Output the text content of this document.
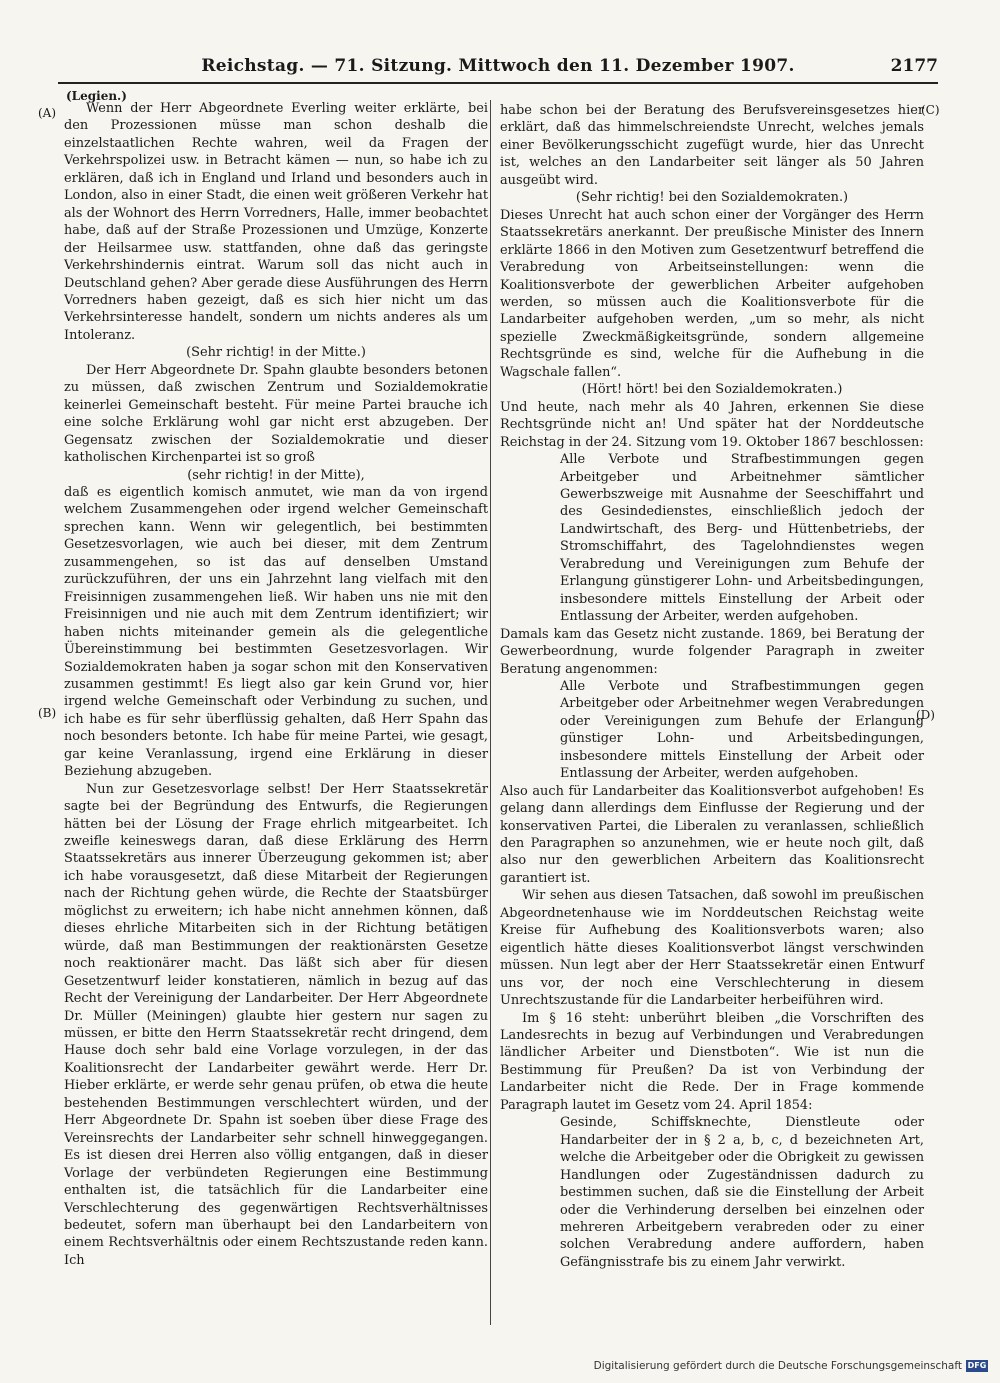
Reichstag. — 71. Sitzung. Mittwoch den 11. Dezember 1907.	2177
(Legien.)
(A)
(B)
(C)
(D)

Wenn der Herr Abgeordnete Everling weiter erklärte, bei den Prozessionen müsse man schon deshalb die einzelstaatlichen Rechte wahren, weil da Fragen der Verkehrspolizei usw. in Betracht kämen — nun, so habe ich zu erklären, daß ich in England und Irland und besonders auch in London, also in einer Stadt, die einen weit größeren Verkehr hat als der Wohnort des Herrn Vorredners, Halle, immer beobachtet habe, daß auf der Straße Prozessionen und Umzüge, Konzerte der Heilsarmee usw. stattfanden, ohne daß das geringste Verkehrshindernis eintrat. Warum soll das nicht auch in Deutschland gehen? Aber gerade diese Ausführungen des Herrn Vorredners haben gezeigt, daß es sich hier nicht um das Verkehrsinteresse handelt, sondern um nichts anderes als um Intoleranz.

(Sehr richtig! in der Mitte.)

Der Herr Abgeordnete Dr. Spahn glaubte besonders betonen zu müssen, daß zwischen Zentrum und Sozialdemokratie keinerlei Gemeinschaft besteht. Für meine Partei brauche ich eine solche Erklärung wohl gar nicht erst abzugeben. Der Gegensatz zwischen der Sozialdemokratie und dieser katholischen Kirchenpartei ist so groß

(sehr richtig! in der Mitte),

daß es eigentlich komisch anmutet, wie man da von irgend welchem Zusammengehen oder irgend welcher Gemeinschaft sprechen kann. Wenn wir gelegentlich, bei bestimmten Gesetzesvorlagen, wie auch bei dieser, mit dem Zentrum zusammengehen, so ist das auf denselben Umstand zurückzuführen, der uns ein Jahrzehnt lang vielfach mit den Freisinnigen zusammengehen ließ. Wir haben uns nie mit den Freisinnigen und nie auch mit dem Zentrum identifiziert; wir haben nichts miteinander gemein als die gelegentliche Übereinstimmung bei bestimmten Gesetzesvorlagen. Wir Sozialdemokraten haben ja sogar schon mit den Konservativen zusammen gestimmt! Es liegt also gar kein Grund vor, hier irgend welche Gemeinschaft oder Verbindung zu suchen, und ich habe es für sehr überflüssig gehalten, daß Herr Spahn das noch besonders betonte. Ich habe für meine Partei, wie gesagt, gar keine Veranlassung, irgend eine Erklärung in dieser Beziehung abzugeben.

Nun zur Gesetzesvorlage selbst! Der Herr Staatssekretär sagte bei der Begründung des Entwurfs, die Regierungen hätten bei der Lösung der Frage ehrlich mitgearbeitet. Ich zweifle keineswegs daran, daß diese Erklärung des Herrn Staatssekretärs aus innerer Überzeugung gekommen ist; aber ich habe vorausgesetzt, daß diese Mitarbeit der Regierungen nach der Richtung gehen würde, die Rechte der Staatsbürger möglichst zu erweitern; ich habe nicht annehmen können, daß dieses ehrliche Mitarbeiten sich in der Richtung betätigen würde, daß man Bestimmungen der reaktionärsten Gesetze noch reaktionärer macht. Das läßt sich aber für diesen Gesetzentwurf leider konstatieren, nämlich in bezug auf das Recht der Vereinigung der Landarbeiter. Der Herr Abgeordnete Dr. Müller (Meiningen) glaubte hier gestern nur sagen zu müssen, er bitte den Herrn Staatssekretär recht dringend, dem Hause doch sehr bald eine Vorlage vorzulegen, in der das Koalitionsrecht der Landarbeiter gewährt werde. Herr Dr. Hieber erklärte, er werde sehr genau prüfen, ob etwa die heute bestehenden Bestimmungen verschlechtert würden, und der Herr Abgeordnete Dr. Spahn ist soeben über diese Frage des Vereinsrechts der Landarbeiter sehr schnell hinweggegangen. Es ist diesen drei Herren also völlig entgangen, daß in dieser Vorlage der verbündeten Regierungen eine Bestimmung enthalten ist, die tatsächlich für die Landarbeiter eine Verschlechterung des gegenwärtigen Rechtsverhältnisses bedeutet, sofern man überhaupt bei den Landarbeitern von einem Rechtsverhältnis oder einem Rechtszustande reden kann. Ich

habe schon bei der Beratung des Berufsvereinsgesetzes hier erklärt, daß das himmelschreiendste Unrecht, welches jemals einer Bevölkerungsschicht zugefügt wurde, hier das Unrecht ist, welches an den Landarbeiter seit länger als 50 Jahren ausgeübt wird.

(Sehr richtig! bei den Sozialdemokraten.)

Dieses Unrecht hat auch schon einer der Vorgänger des Herrn Staatssekretärs anerkannt. Der preußische Minister des Innern erklärte 1866 in den Motiven zum Gesetzentwurf betreffend die Verabredung von Arbeitseinstellungen: wenn die Koalitionsverbote der gewerblichen Arbeiter aufgehoben werden, so müssen auch die Koalitionsverbote für die Landarbeiter aufgehoben werden, „um so mehr, als nicht spezielle Zweckmäßigkeitsgründe, sondern allgemeine Rechtsgründe es sind, welche für die Aufhebung in die Wagschale fallen“.

(Hört! hört! bei den Sozialdemokraten.)

Und heute, nach mehr als 40 Jahren, erkennen Sie diese Rechtsgründe nicht an! Und später hat der Norddeutsche Reichstag in der 24. Sitzung vom 19. Oktober 1867 beschlossen:

Alle Verbote und Strafbestimmungen gegen Arbeitgeber und Arbeitnehmer sämtlicher Gewerbszweige mit Ausnahme der Seeschiffahrt und des Gesindedienstes, einschließlich jedoch der Landwirtschaft, des Berg- und Hüttenbetriebs, der Stromschiffahrt, des Tagelohndienstes wegen Verabredung und Vereinigungen zum Behufe der Erlangung günstigerer Lohn- und Arbeitsbedingungen, insbesondere mittels Einstellung der Arbeit oder Entlassung der Arbeiter, werden aufgehoben.

Damals kam das Gesetz nicht zustande. 1869, bei Beratung der Gewerbeordnung, wurde folgender Paragraph in zweiter Beratung angenommen:

Alle Verbote und Strafbestimmungen gegen Arbeitgeber oder Arbeitnehmer wegen Verabredungen oder Vereinigungen zum Behufe der Erlangung günstiger Lohn- und Arbeitsbedingungen, insbesondere mittels Einstellung der Arbeit oder Entlassung der Arbeiter, werden aufgehoben.

Also auch für Landarbeiter das Koalitionsverbot aufgehoben! Es gelang dann allerdings dem Einflusse der Regierung und der konservativen Partei, die Liberalen zu veranlassen, schließlich den Paragraphen so anzunehmen, wie er heute noch gilt, daß also nur den gewerblichen Arbeitern das Koalitionsrecht garantiert ist.

Wir sehen aus diesen Tatsachen, daß sowohl im preußischen Abgeordnetenhause wie im Norddeutschen Reichstag weite Kreise für Aufhebung des Koalitionsverbots waren; also eigentlich hätte dieses Koalitionsverbot längst verschwinden müssen. Nun legt aber der Herr Staatssekretär einen Entwurf uns vor, der noch eine Verschlechterung in diesem Unrechtszustande für die Landarbeiter herbeiführen wird.

Im § 16 steht: unberührt bleiben „die Vorschriften des Landesrechts in bezug auf Verbindungen und Verabredungen ländlicher Arbeiter und Dienstboten“. Wie ist nun die Bestimmung für Preußen? Da ist von Verbindung der Landarbeiter nicht die Rede. Der in Frage kommende Paragraph lautet im Gesetz vom 24. April 1854:

Gesinde, Schiffsknechte, Dienstleute oder Handarbeiter der in § 2 a, b, c, d bezeichneten Art, welche die Arbeitgeber oder die Obrigkeit zu gewissen Handlungen oder Zugeständnissen dadurch zu bestimmen suchen, daß sie die Einstellung der Arbeit oder die Verhinderung derselben bei einzelnen oder mehreren Arbeitgebern verabreden oder zu einer solchen Verabredung andere auffordern, haben Gefängnisstrafe bis zu einem Jahr verwirkt.

Digitalisierung gefördert durch die Deutsche Forschungsgemeinschaft DFG
